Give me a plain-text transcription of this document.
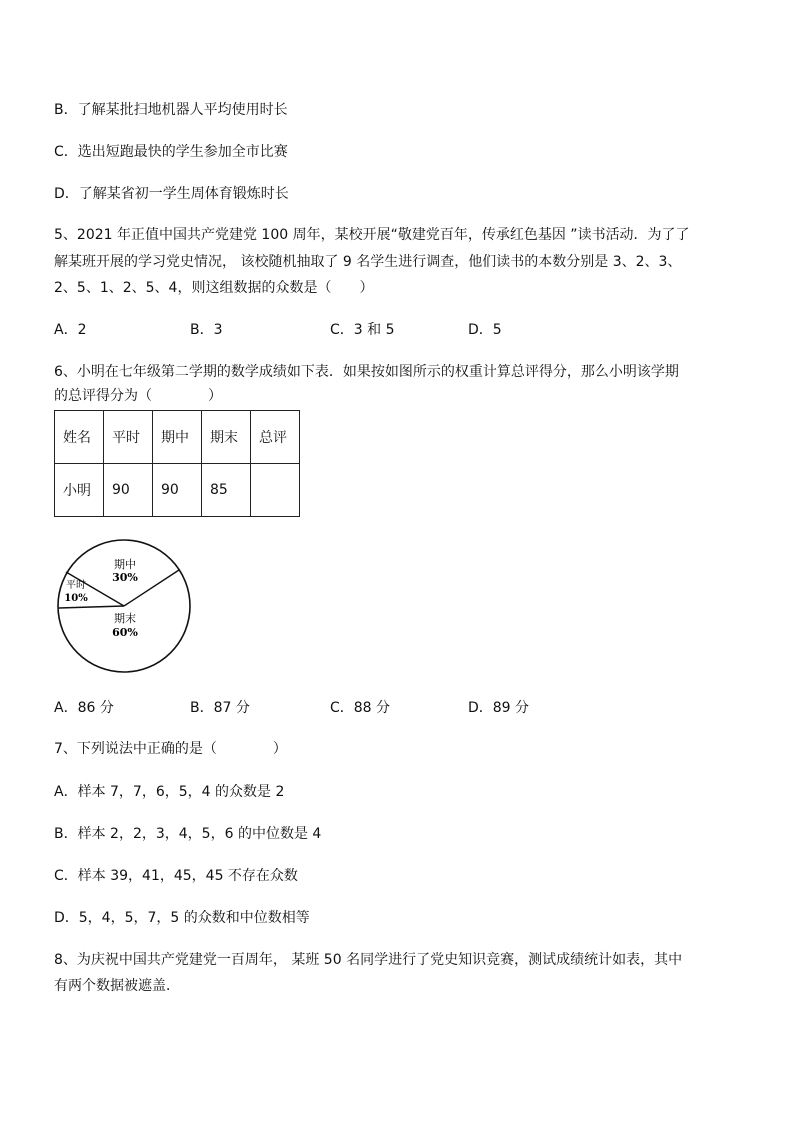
B．了解某批扫地机器人平均使用时长
C．选出短跑最快的学生参加全市比赛
D．了解某省初一学生周体育锻炼时长
5、2021 年正值中国共产党建党 100 周年，某校开展“敬建党百年，传承红色基因 ”读书活动．为了了
解某班开展的学习党史情况， 该校随机抽取了 9 名学生进行调查，他们读书的本数分别是 3、2、3、
2、5、1、2、5、4，则这组数据的众数是（　　）
A．2	B．3	C．3 和 5	D．5
6、小明在七年级第二学期的数学成绩如下表．如果按如图所示的权重计算总评得分，那么小明该学期
的总评得分为（　　　　）
姓名	平时	期中	期末	总评
小明	90	90	85	
期中
30%
平时
10%
期末
60%
A．86 分	B．87 分	C．88 分	D．89 分
7、下列说法中正确的是（　　　　）
A．样本 7，7，6，5，4 的众数是 2
B．样本 2，2，3，4，5，6 的中位数是 4
C．样本 39，41，45，45 不存在众数
D．5，4，5，7，5 的众数和中位数相等
8、为庆祝中国共产党建党一百周年， 某班 50 名同学进行了党史知识竞赛，测试成绩统计如表，其中
有两个数据被遮盖．
